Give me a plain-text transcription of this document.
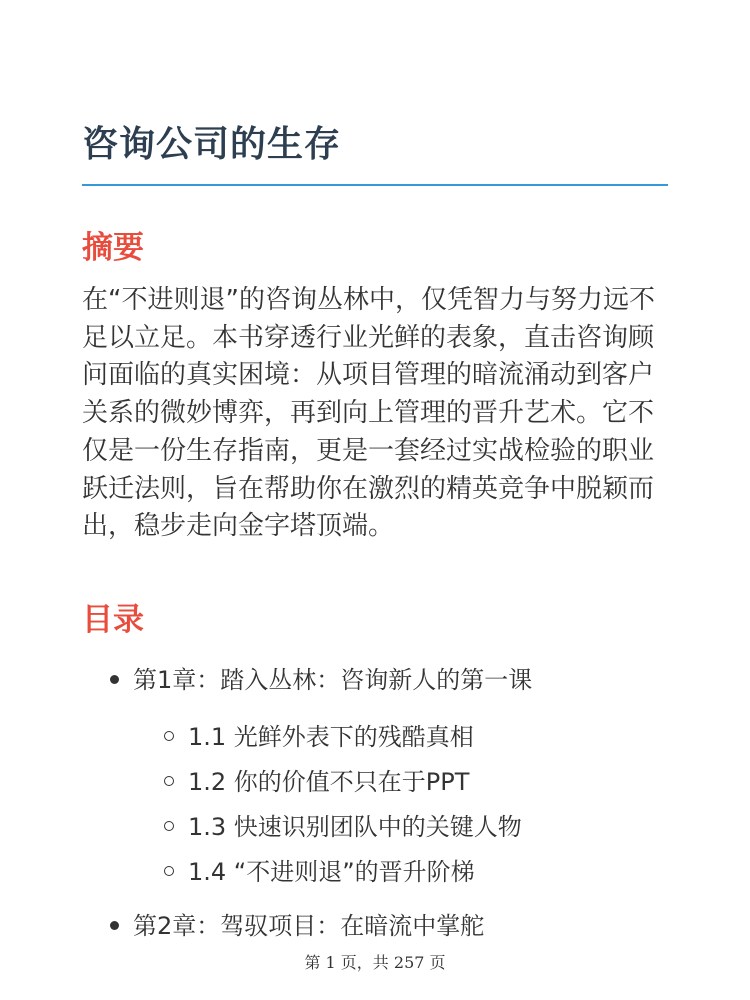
咨询公司的生存
摘要

在“不进则退”的咨询丛林中，仅凭智力与努力远不足以立足。本书穿透行业光鲜的表象，直击咨询顾问面临的真实困境：从项目管理的暗流涌动到客户关系的微妙博弈，再到向上管理的晋升艺术。它不仅是一份生存指南，更是一套经过实战检验的职业跃迁法则，旨在帮助你在激烈的精英竞争中脱颖而出，稳步走向金字塔顶端。

目录
第1章：踏入丛林：咨询新人的第一课
1.1 光鲜外表下的残酷真相
1.2 你的价值不只在于PPT
1.3 快速识别团队中的关键人物
1.4 “不进则退”的晋升阶梯
第2章：驾驭项目：在暗流中掌舵
第 1 页，共 257 页
